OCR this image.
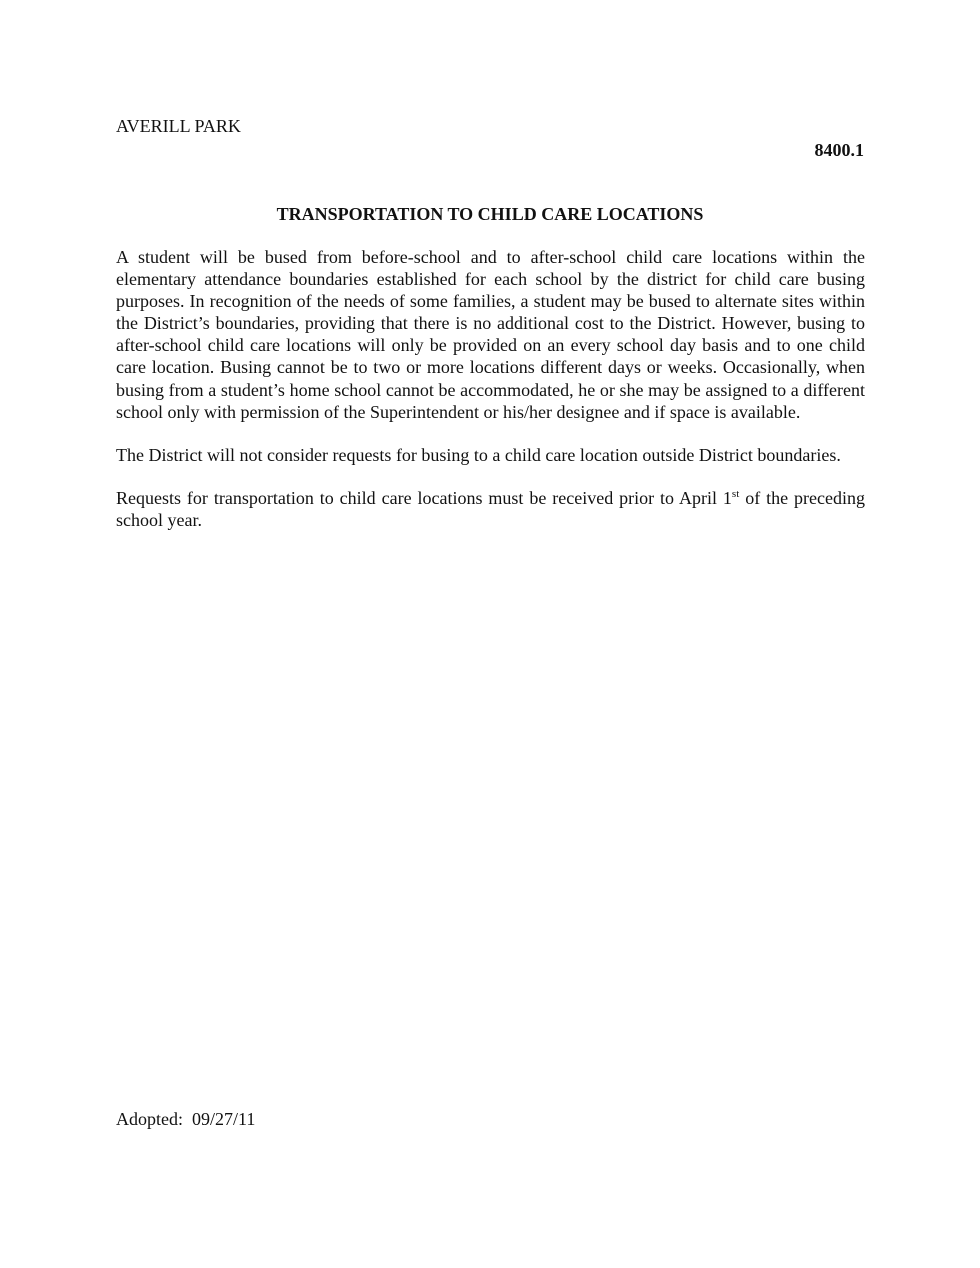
AVERILL PARK

8400.1

TRANSPORTATION TO CHILD CARE LOCATIONS

A student will be bused from before-school and to after-school child care locations within the elementary attendance boundaries established for each school by the district for child care busing purposes. In recognition of the needs of some families, a student may be bused to alternate sites within the District’s boundaries, providing that there is no additional cost to the District. However, busing to after-school child care locations will only be provided on an every school day basis and to one child care location. Busing cannot be to two or more locations different days or weeks. Occasionally, when busing from a student’s home school cannot be accommodated, he or she may be assigned to a different school only with permission of the Superintendent or his/her designee and if space is available.

The District will not consider requests for busing to a child care location outside District boundaries.

Requests for transportation to child care locations must be received prior to April 1st of the preceding school year.

Adopted: 09/27/11
